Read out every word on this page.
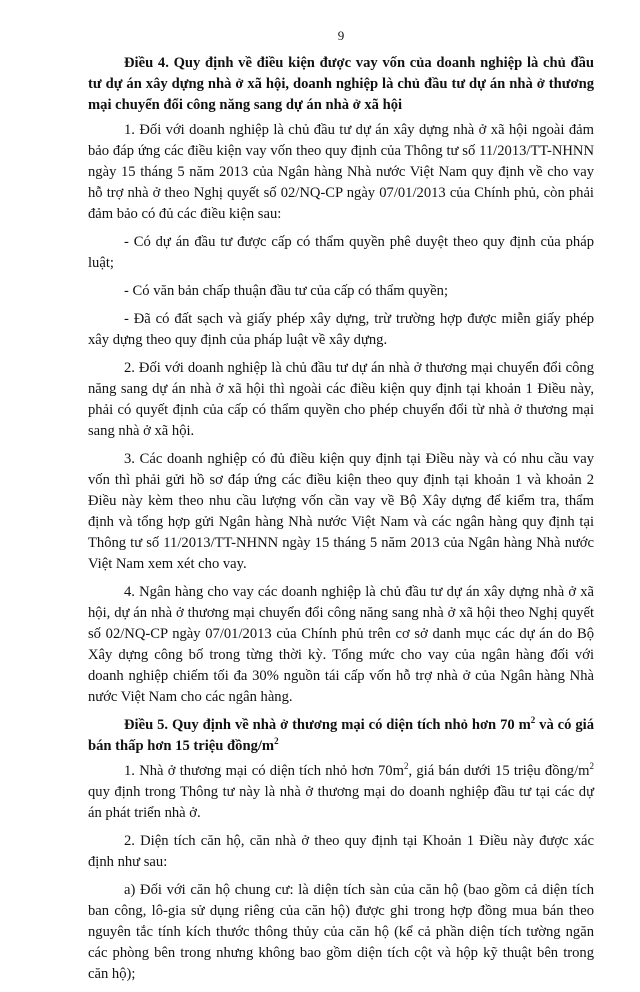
9

Điều 4. Quy định về điều kiện được vay vốn của doanh nghiệp là chủ đầu tư dự án xây dựng nhà ở xã hội, doanh nghiệp là chủ đầu tư dự án nhà ở thương mại chuyển đổi công năng sang dự án nhà ở xã hội

1. Đối với doanh nghiệp là chủ đầu tư dự án xây dựng nhà ở xã hội ngoài đảm bảo đáp ứng các điều kiện vay vốn theo quy định của Thông tư số 11/2013/TT-NHNN ngày 15 tháng 5 năm 2013 của Ngân hàng Nhà nước Việt Nam quy định về cho vay hỗ trợ nhà ở theo Nghị quyết số 02/NQ-CP ngày 07/01/2013 của Chính phủ, còn phải đảm bảo có đủ các điều kiện sau:

- Có dự án đầu tư được cấp có thẩm quyền phê duyệt theo quy định của pháp luật;

- Có văn bản chấp thuận đầu tư của cấp có thẩm quyền;

- Đã có đất sạch và giấy phép xây dựng, trừ trường hợp được miễn giấy phép xây dựng theo quy định của pháp luật về xây dựng.

2. Đối với doanh nghiệp là chủ đầu tư dự án nhà ở thương mại chuyển đổi công năng sang dự án nhà ở xã hội thì ngoài các điều kiện quy định tại khoản 1 Điều này, phải có quyết định của cấp có thẩm quyền cho phép chuyển đổi từ nhà ở thương mại sang nhà ở xã hội.

3. Các doanh nghiệp có đủ điều kiện quy định tại Điều này và có nhu cầu vay vốn thì phải gửi hồ sơ đáp ứng các điều kiện theo quy định tại khoản 1 và khoản 2 Điều này kèm theo nhu cầu lượng vốn cần vay về Bộ Xây dựng để kiểm tra, thẩm định và tổng hợp gửi Ngân hàng Nhà nước Việt Nam và các ngân hàng quy định tại Thông tư số 11/2013/TT-NHNN ngày 15 tháng 5 năm 2013 của Ngân hàng Nhà nước Việt Nam xem xét cho vay.

4. Ngân hàng cho vay các doanh nghiệp là chủ đầu tư dự án xây dựng nhà ở xã hội, dự án nhà ở thương mại chuyển đổi công năng sang nhà ở xã hội theo Nghị quyết số 02/NQ-CP ngày 07/01/2013 của Chính phủ trên cơ sở danh mục các dự án do Bộ Xây dựng công bố trong từng thời kỳ. Tổng mức cho vay của ngân hàng đối với doanh nghiệp chiếm tối đa 30% nguồn tái cấp vốn hỗ trợ nhà ở của Ngân hàng Nhà nước Việt Nam cho các ngân hàng.

Điều 5. Quy định về nhà ở thương mại có diện tích nhỏ hơn 70 $m^2$ và có giá bán thấp hơn 15 triệu đồng/$m^2$

1. Nhà ở thương mại có diện tích nhỏ hơn $70m^2$, giá bán dưới 15 triệu đồng/$m^2$ quy định trong Thông tư này là nhà ở thương mại do doanh nghiệp đầu tư tại các dự án phát triển nhà ở.

2. Diện tích căn hộ, căn nhà ở theo quy định tại Khoản 1 Điều này được xác định như sau:

a) Đối với căn hộ chung cư: là diện tích sàn của căn hộ (bao gồm cả diện tích ban công, lô-gia sử dụng riêng của căn hộ) được ghi trong hợp đồng mua bán theo nguyên tắc tính kích thước thông thủy của căn hộ (kể cả phần diện tích tường ngăn các phòng bên trong nhưng không bao gồm diện tích cột và hộp kỹ thuật bên trong căn hộ);
